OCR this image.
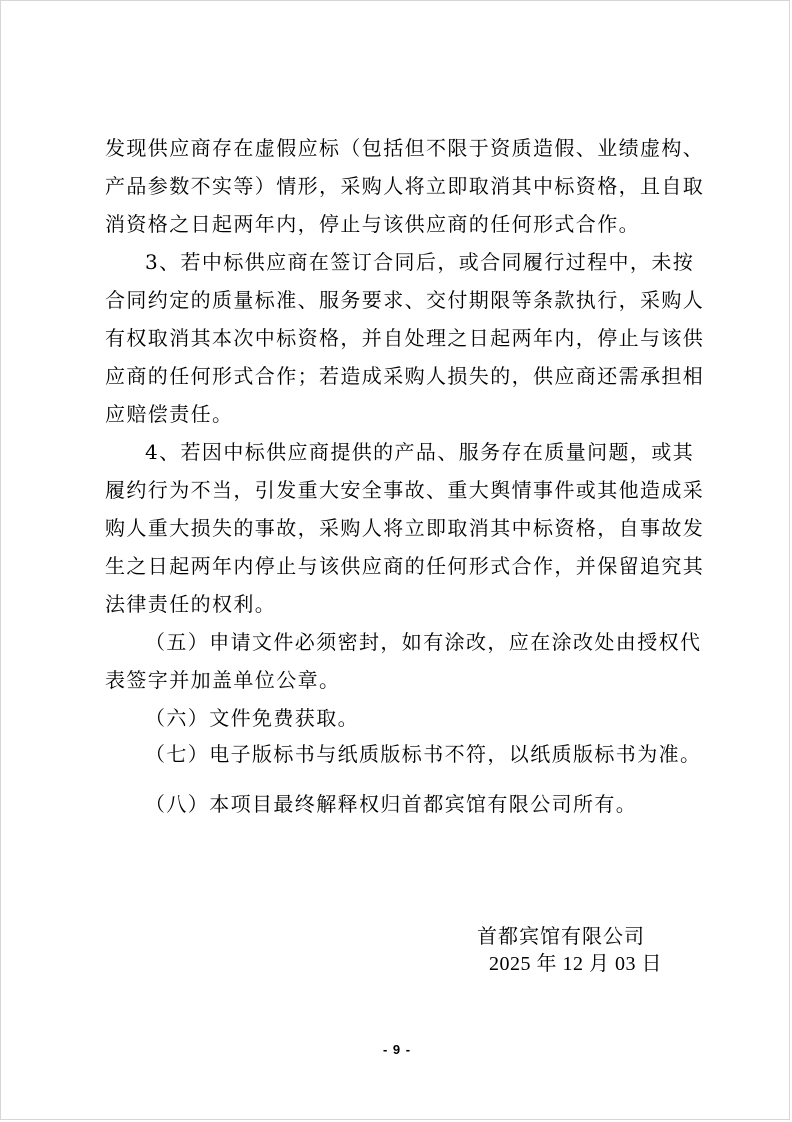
发现供应商存在虚假应标（包括但不限于资质造假、业绩虚构、
产品参数不实等）情形，采购人将立即取消其中标资格，且自取
消资格之日起两年内，停止与该供应商的任何形式合作。
3、若中标供应商在签订合同后，或合同履行过程中，未按
合同约定的质量标准、服务要求、交付期限等条款执行，采购人
有权取消其本次中标资格，并自处理之日起两年内，停止与该供
应商的任何形式合作；若造成采购人损失的，供应商还需承担相
应赔偿责任。
4、若因中标供应商提供的产品、服务存在质量问题，或其
履约行为不当，引发重大安全事故、重大舆情事件或其他造成采
购人重大损失的事故，采购人将立即取消其中标资格，自事故发
生之日起两年内停止与该供应商的任何形式合作，并保留追究其
法律责任的权利。
（五）申请文件必须密封，如有涂改，应在涂改处由授权代
表签字并加盖单位公章。
（六）文件免费获取。
（七）电子版标书与纸质版标书不符，以纸质版标书为准。
（八）本项目最终解释权归首都宾馆有限公司所有。
首都宾馆有限公司
2025 年 12 月 03 日
- 9 -
